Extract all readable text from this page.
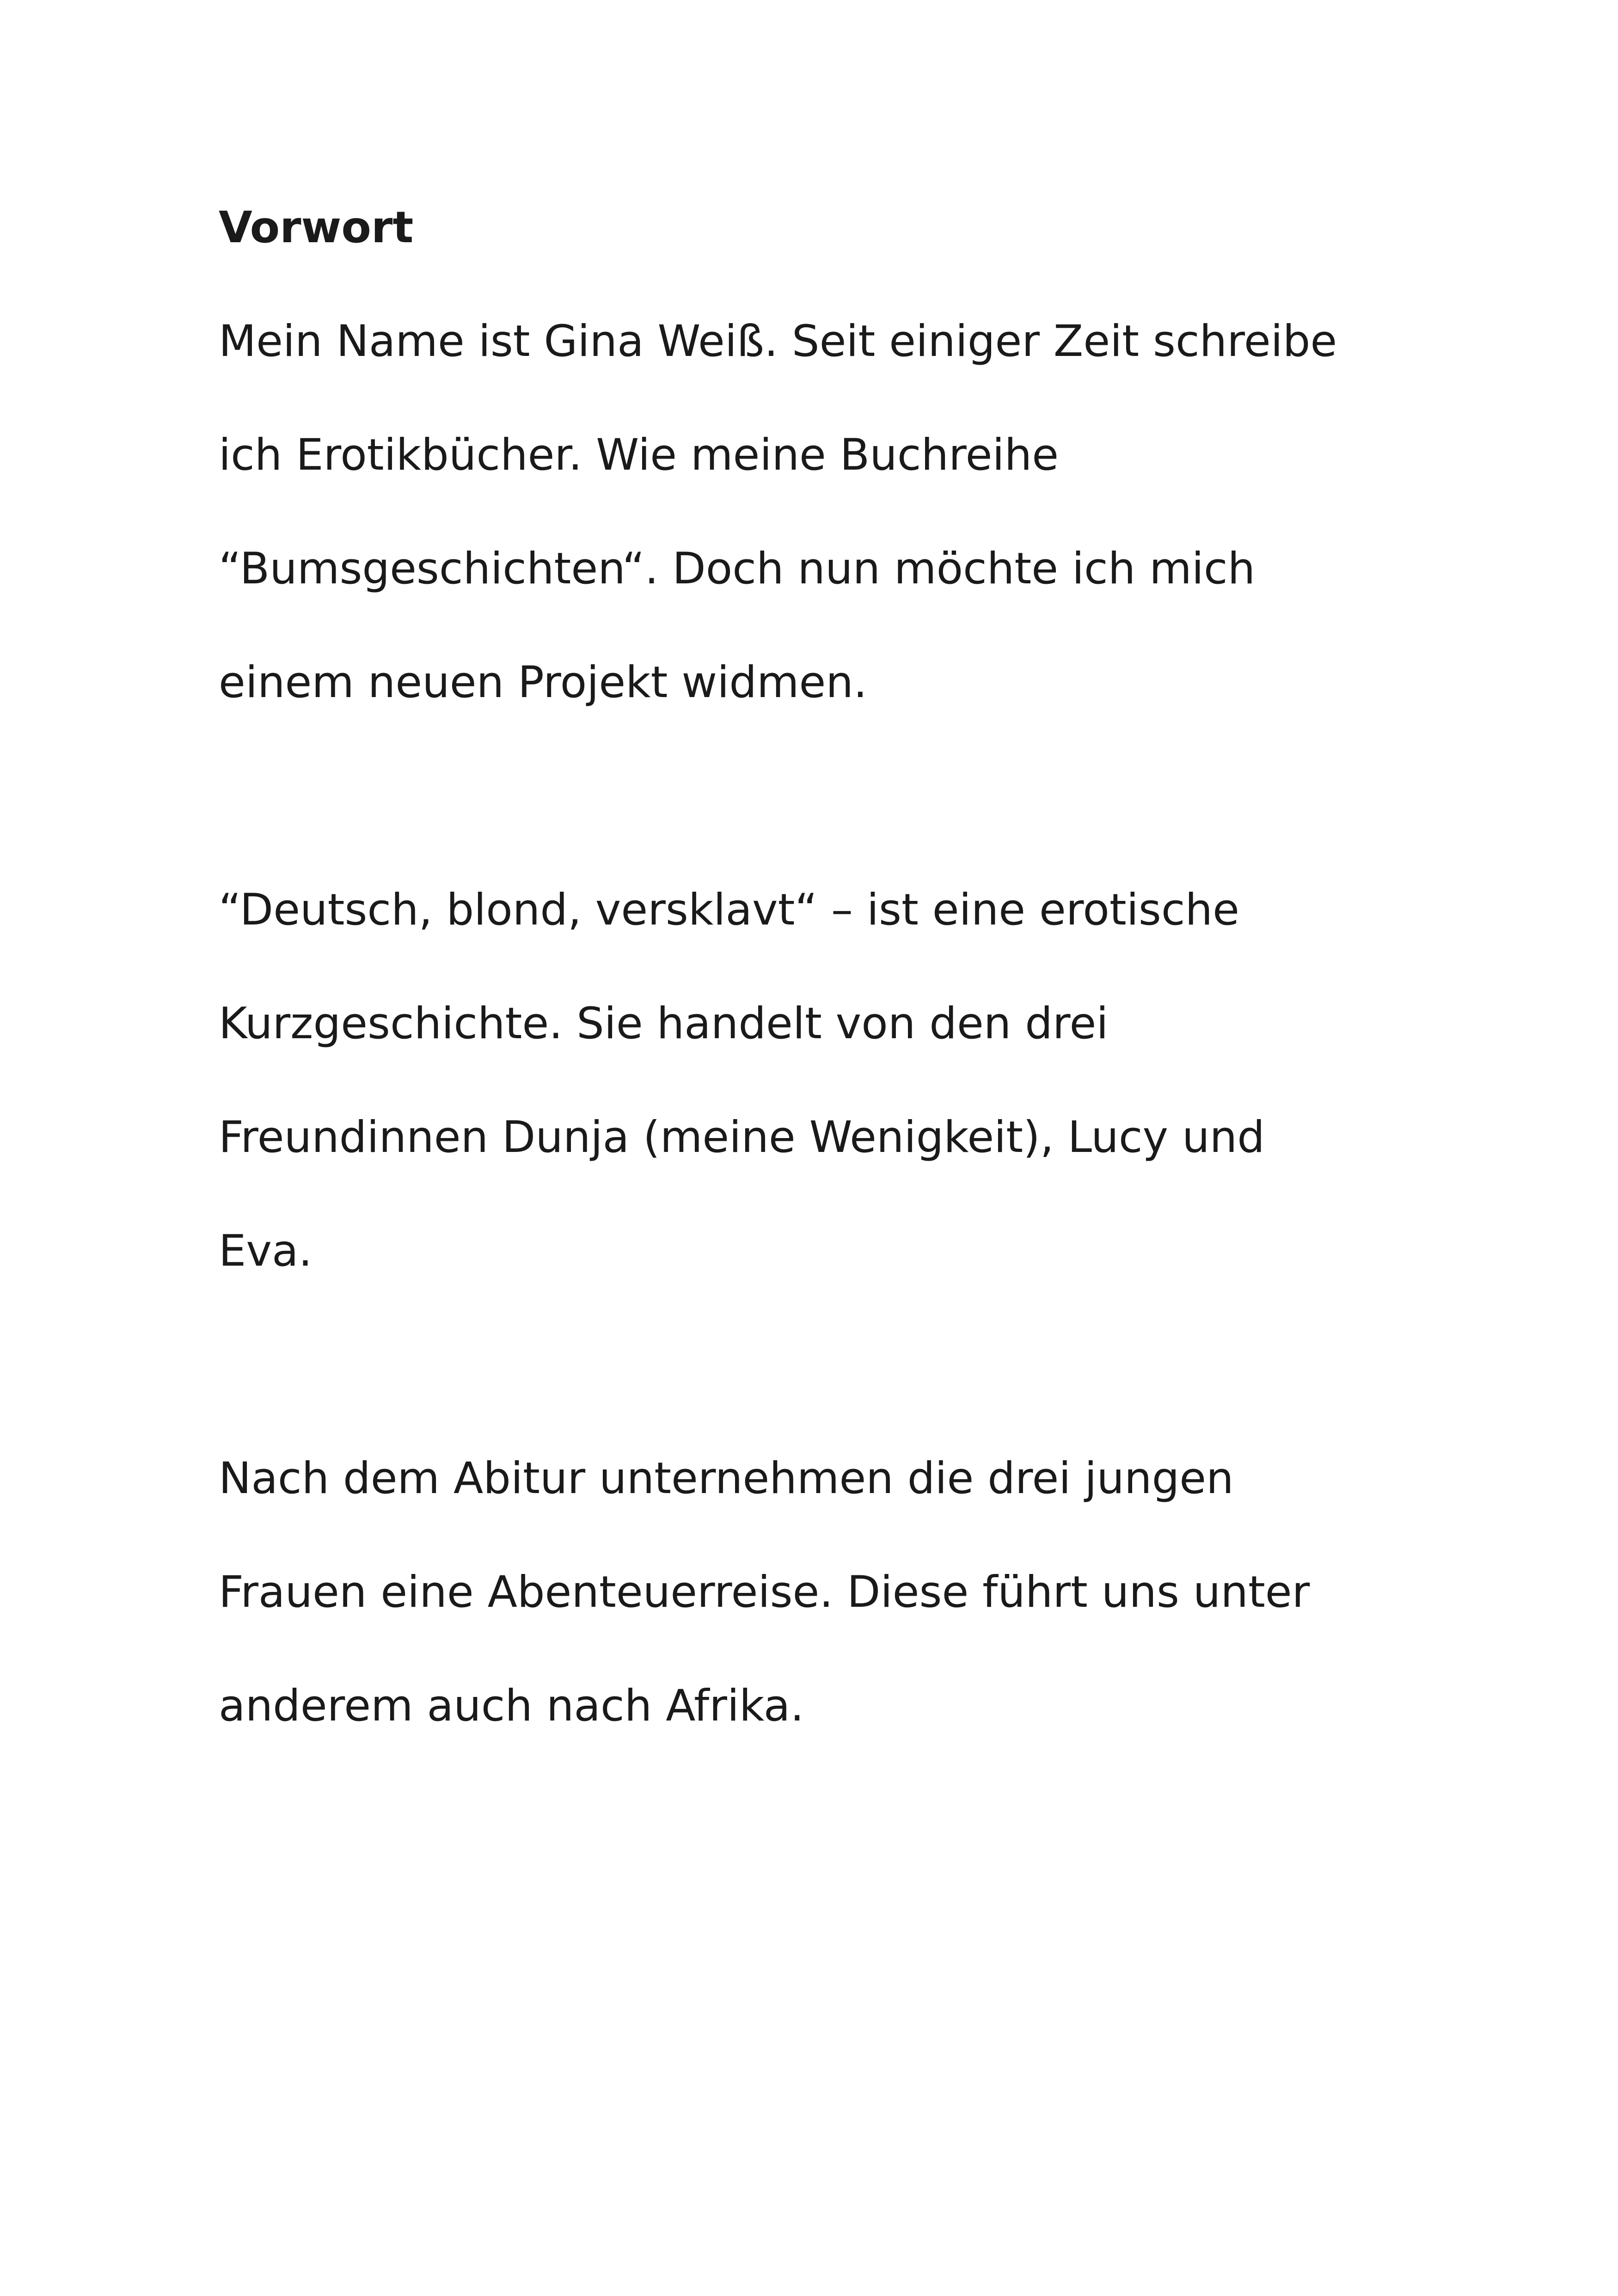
Vorwort

Mein Name ist Gina Weiß. Seit einiger Zeit schreibe

ich Erotikbücher. Wie meine Buchreihe

“Bumsgeschichten“. Doch nun möchte ich mich

einem neuen Projekt widmen.

“Deutsch, blond, versklavt“ – ist eine erotische

Kurzgeschichte. Sie handelt von den drei

Freundinnen Dunja (meine Wenigkeit), Lucy und

Eva.

Nach dem Abitur unternehmen die drei jungen

Frauen eine Abenteuerreise. Diese führt uns unter

anderem auch nach Afrika.
